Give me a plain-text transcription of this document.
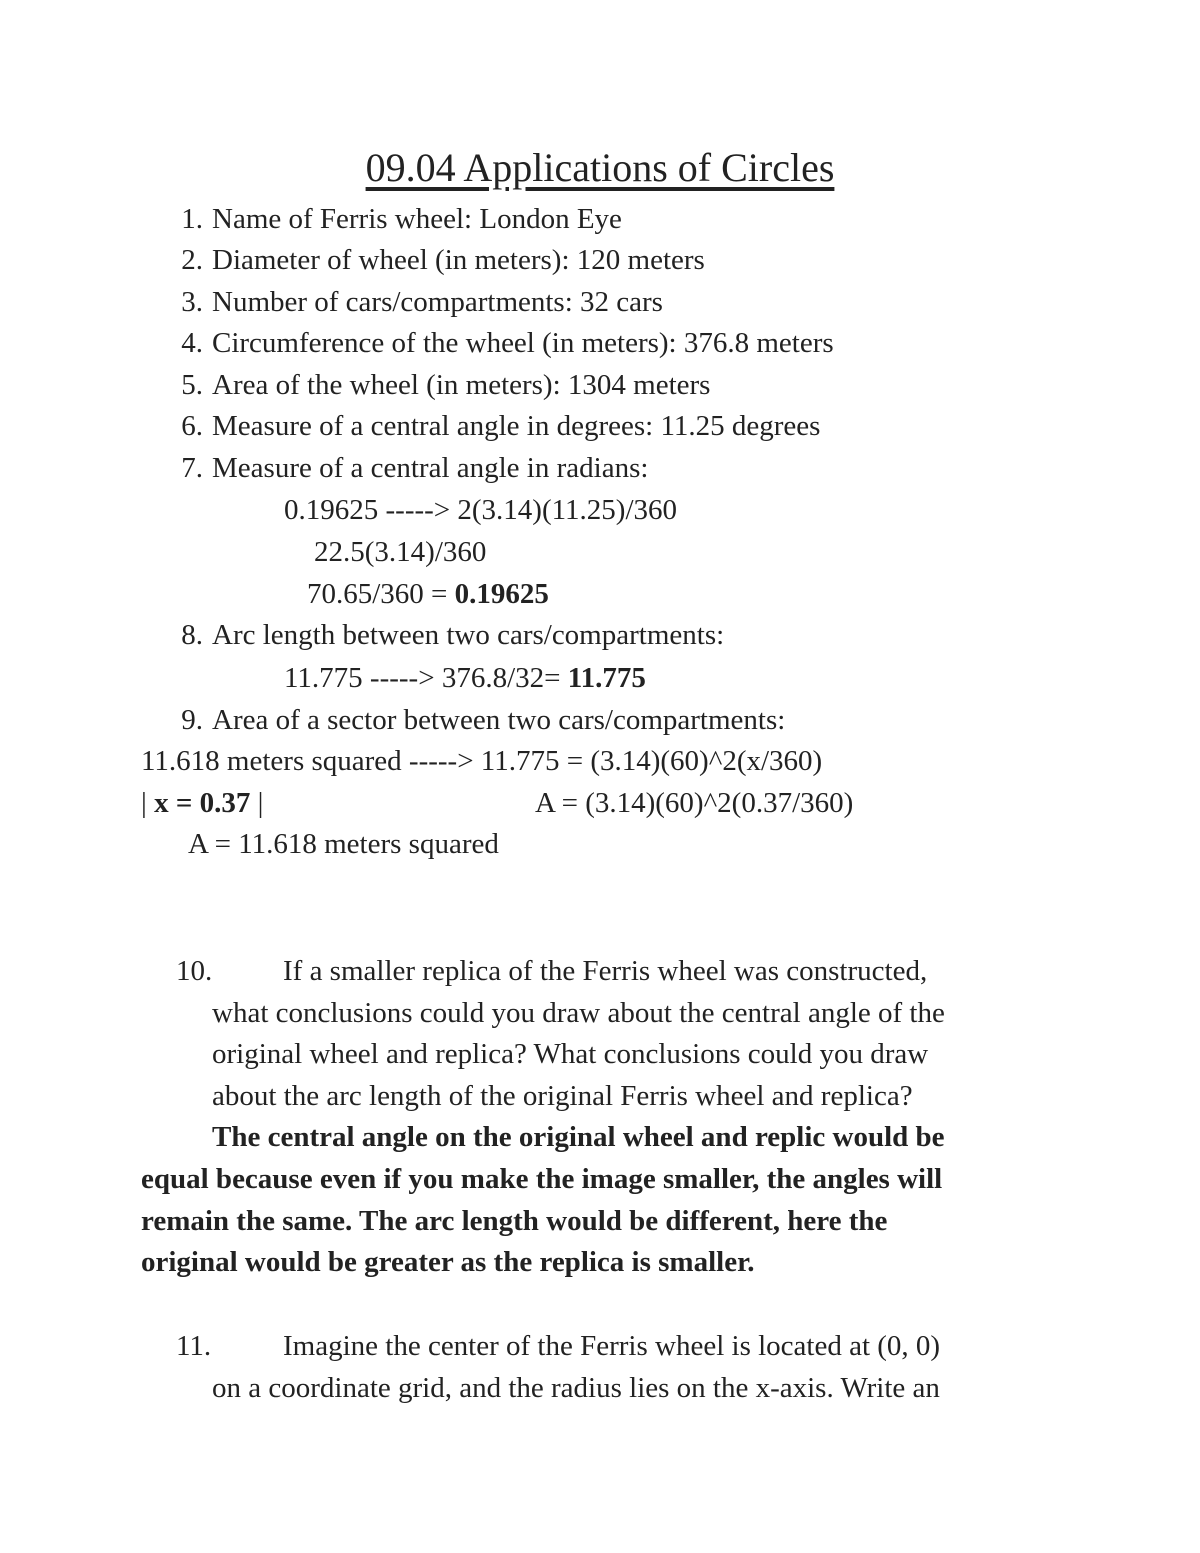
09.04 Applications of Circles
1. Name of Ferris wheel: London Eye
2. Diameter of wheel (in meters): 120 meters
3. Number of cars/compartments: 32 cars
4. Circumference of the wheel (in meters): 376.8 meters
5. Area of the wheel (in meters): 1304 meters
6. Measure of a central angle in degrees: 11.25 degrees
7. Measure of a central angle in radians:
0.19625 -----> 2(3.14)(11.25)/360
22.5(3.14)/360
70.65/360 = 0.19625
8. Arc length between two cars/compartments:
11.775 -----> 376.8/32= 11.775
9. Area of a sector between two cars/compartments:
11.618 meters squared -----> 11.775 = (3.14)(60)^2(x/360)
| x = 0.37 |	A = (3.14)(60)^2(0.37/360)
A = 11.618 meters squared
10. If a smaller replica of the Ferris wheel was constructed,
what conclusions could you draw about the central angle of the
original wheel and replica? What conclusions could you draw
about the arc length of the original Ferris wheel and replica?
The central angle on the original wheel and replic would be
equal because even if you make the image smaller, the angles will
remain the same. The arc length would be different, here the
original would be greater as the replica is smaller.
11. Imagine the center of the Ferris wheel is located at (0, 0)
on a coordinate grid, and the radius lies on the x-axis. Write an
